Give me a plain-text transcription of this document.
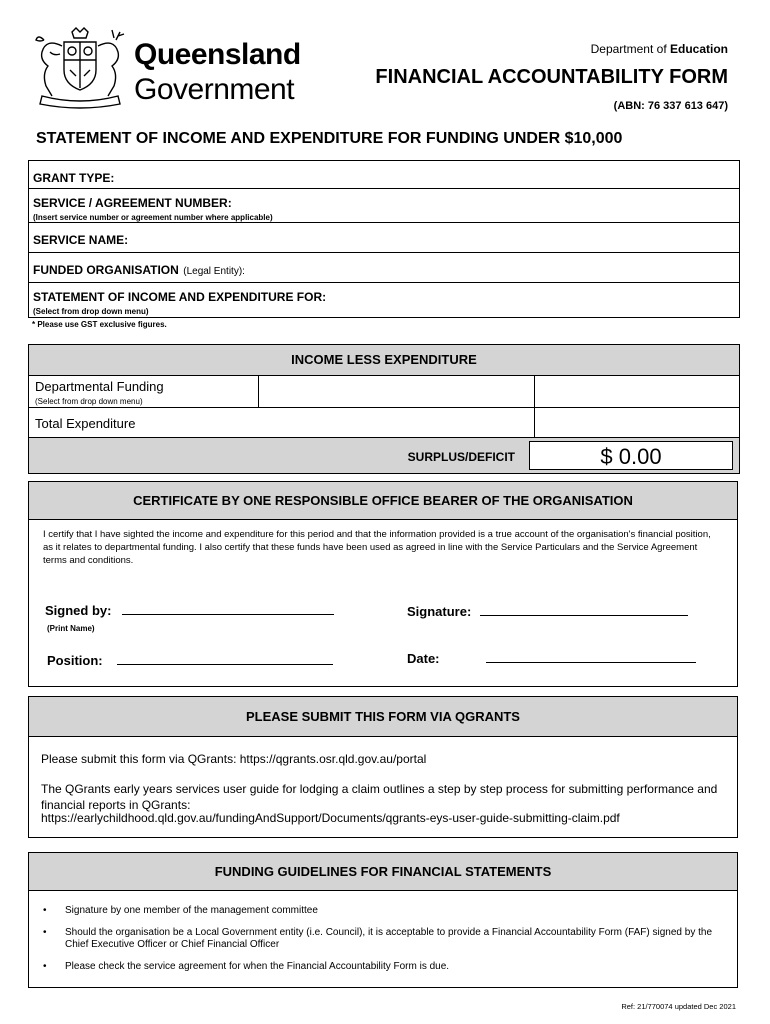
Queensland
Government
Department of Education
FINANCIAL ACCOUNTABILITY FORM
(ABN: 76 337 613 647)
STATEMENT OF INCOME AND EXPENDITURE FOR FUNDING UNDER $10,000
GRANT TYPE:
SERVICE / AGREEMENT NUMBER:
(Insert service number or agreement number where applicable)
SERVICE NAME:
FUNDED ORGANISATION (Legal Entity):
STATEMENT OF INCOME AND EXPENDITURE FOR:
(Select from drop down menu)
* Please use GST exclusive figures.
INCOME LESS EXPENDITURE
Departmental Funding
(Select from drop down menu)
Total Expenditure
SURPLUS/DEFICIT	$ 0.00
CERTIFICATE BY ONE RESPONSIBLE OFFICE BEARER OF THE ORGANISATION
I certify that I have sighted the income and expenditure for this period and that the information provided is a true account of the organisation's financial position, as it relates to departmental funding. I also certify that these funds have been used as agreed in line with the Service Particulars and the Service Agreement terms and conditions.
Signed by:
(Print Name)
Signature:
Position:	Date:
PLEASE SUBMIT THIS FORM VIA QGRANTS
Please submit this form via QGrants: https://qgrants.osr.qld.gov.au/portal
The QGrants early years services user guide for lodging a claim outlines a step by step process for submitting performance and financial reports in QGrants:
https://earlychildhood.qld.gov.au/fundingAndSupport/Documents/qgrants-eys-user-guide-submitting-claim.pdf
FUNDING GUIDELINES FOR FINANCIAL STATEMENTS
• Signature by one member of the management committee
• Should the organisation be a Local Government entity (i.e. Council), it is acceptable to provide a Financial Accountability Form (FAF) signed by the Chief Executive Officer or Chief Financial Officer
• Please check the service agreement for when the Financial Accountability Form is due.
Ref: 21/770074 updated Dec 2021
